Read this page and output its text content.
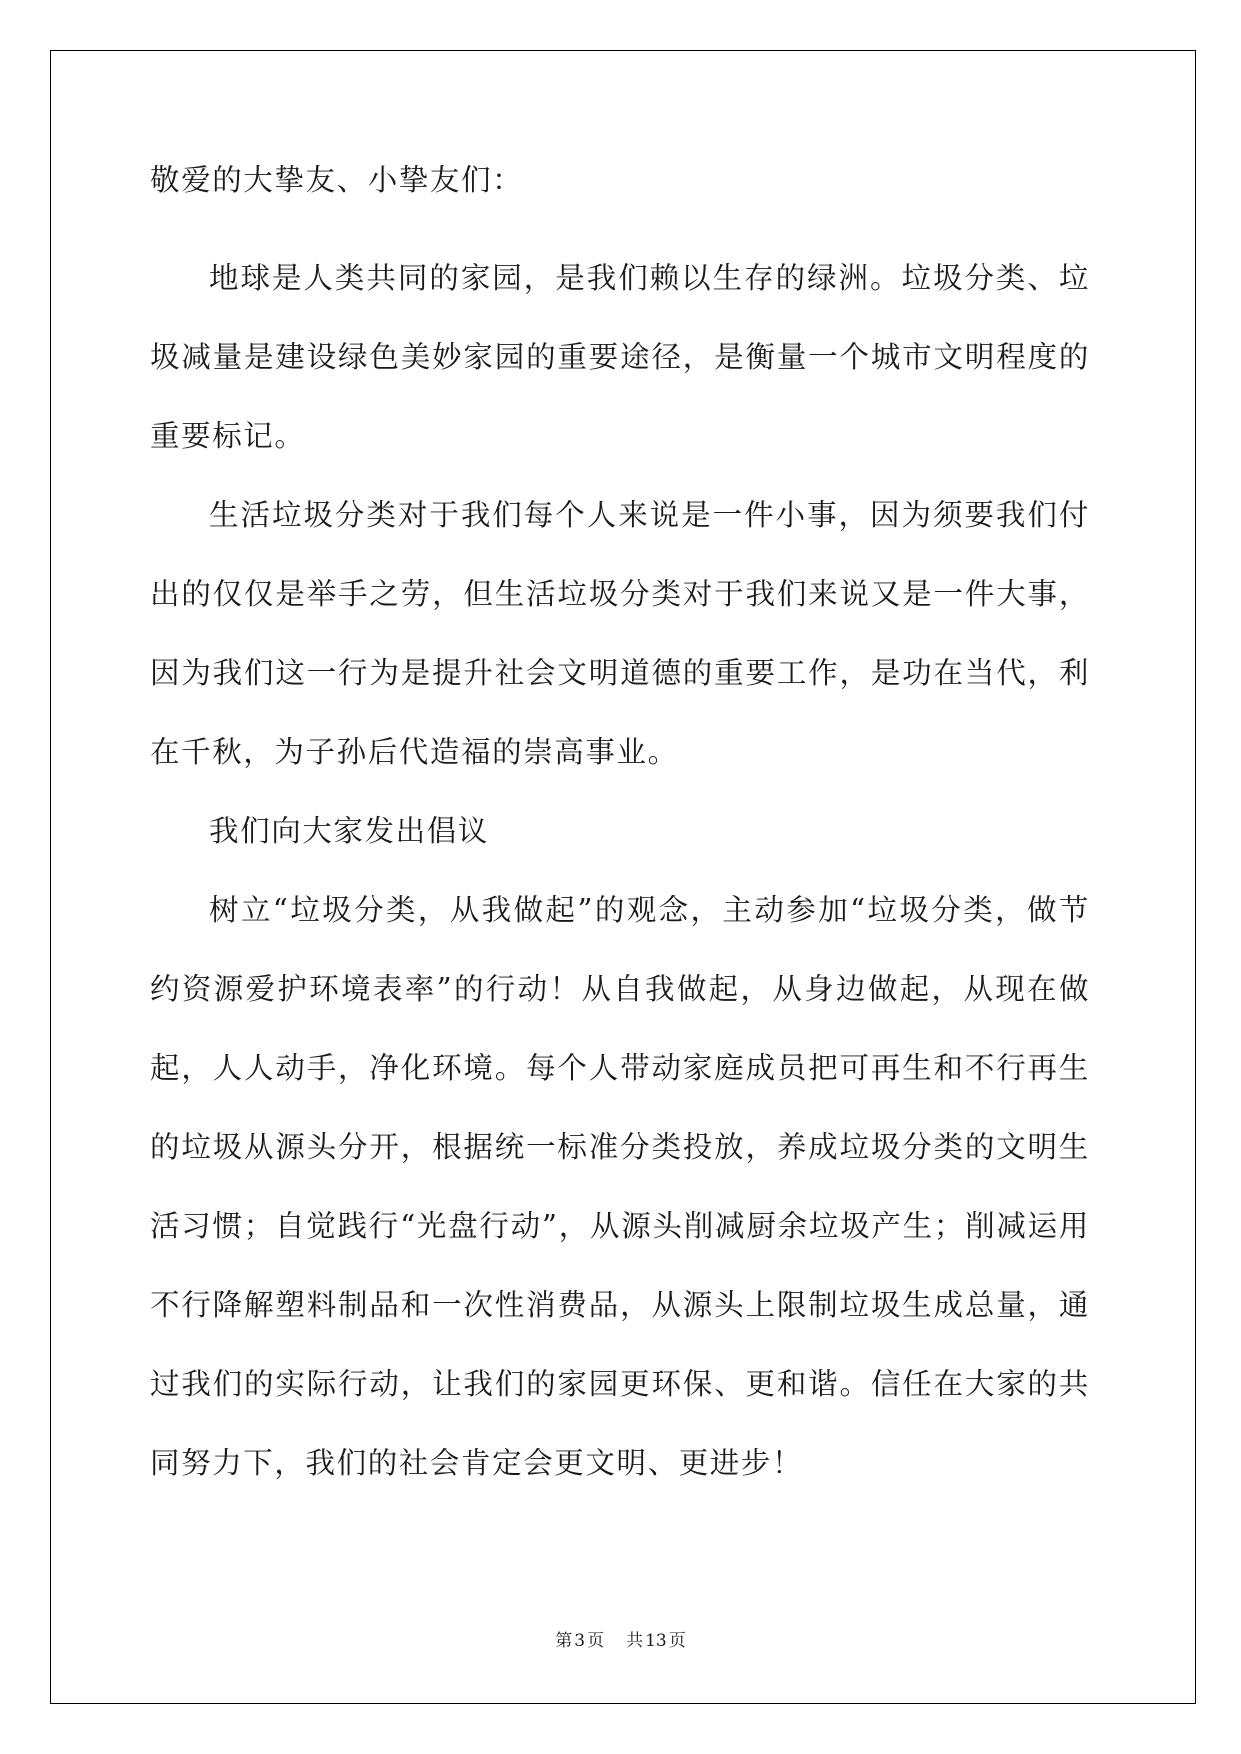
敬爱的大挚友、小挚友们：

地球是人类共同的家园，是我们赖以生存的绿洲。垃圾分类、垃圾减量是建设绿色美妙家园的重要途径，是衡量一个城市文明程度的重要标记。

生活垃圾分类对于我们每个人来说是一件小事，因为须要我们付出的仅仅是举手之劳，但生活垃圾分类对于我们来说又是一件大事，因为我们这一行为是提升社会文明道德的重要工作，是功在当代，利在千秋，为子孙后代造福的崇高事业。

我们向大家发出倡议

树立“垃圾分类，从我做起”的观念，主动参加“垃圾分类，做节约资源爱护环境表率”的行动！从自我做起，从身边做起，从现在做起，人人动手，净化环境。每个人带动家庭成员把可再生和不行再生的垃圾从源头分开，根据统一标准分类投放，养成垃圾分类的文明生活习惯；自觉践行“光盘行动”，从源头削减厨余垃圾产生；削减运用不行降解塑料制品和一次性消费品，从源头上限制垃圾生成总量，通过我们的实际行动，让我们的家园更环保、更和谐。信任在大家的共同努力下，我们的社会肯定会更文明、更进步！

第 3 页 共 13 页
